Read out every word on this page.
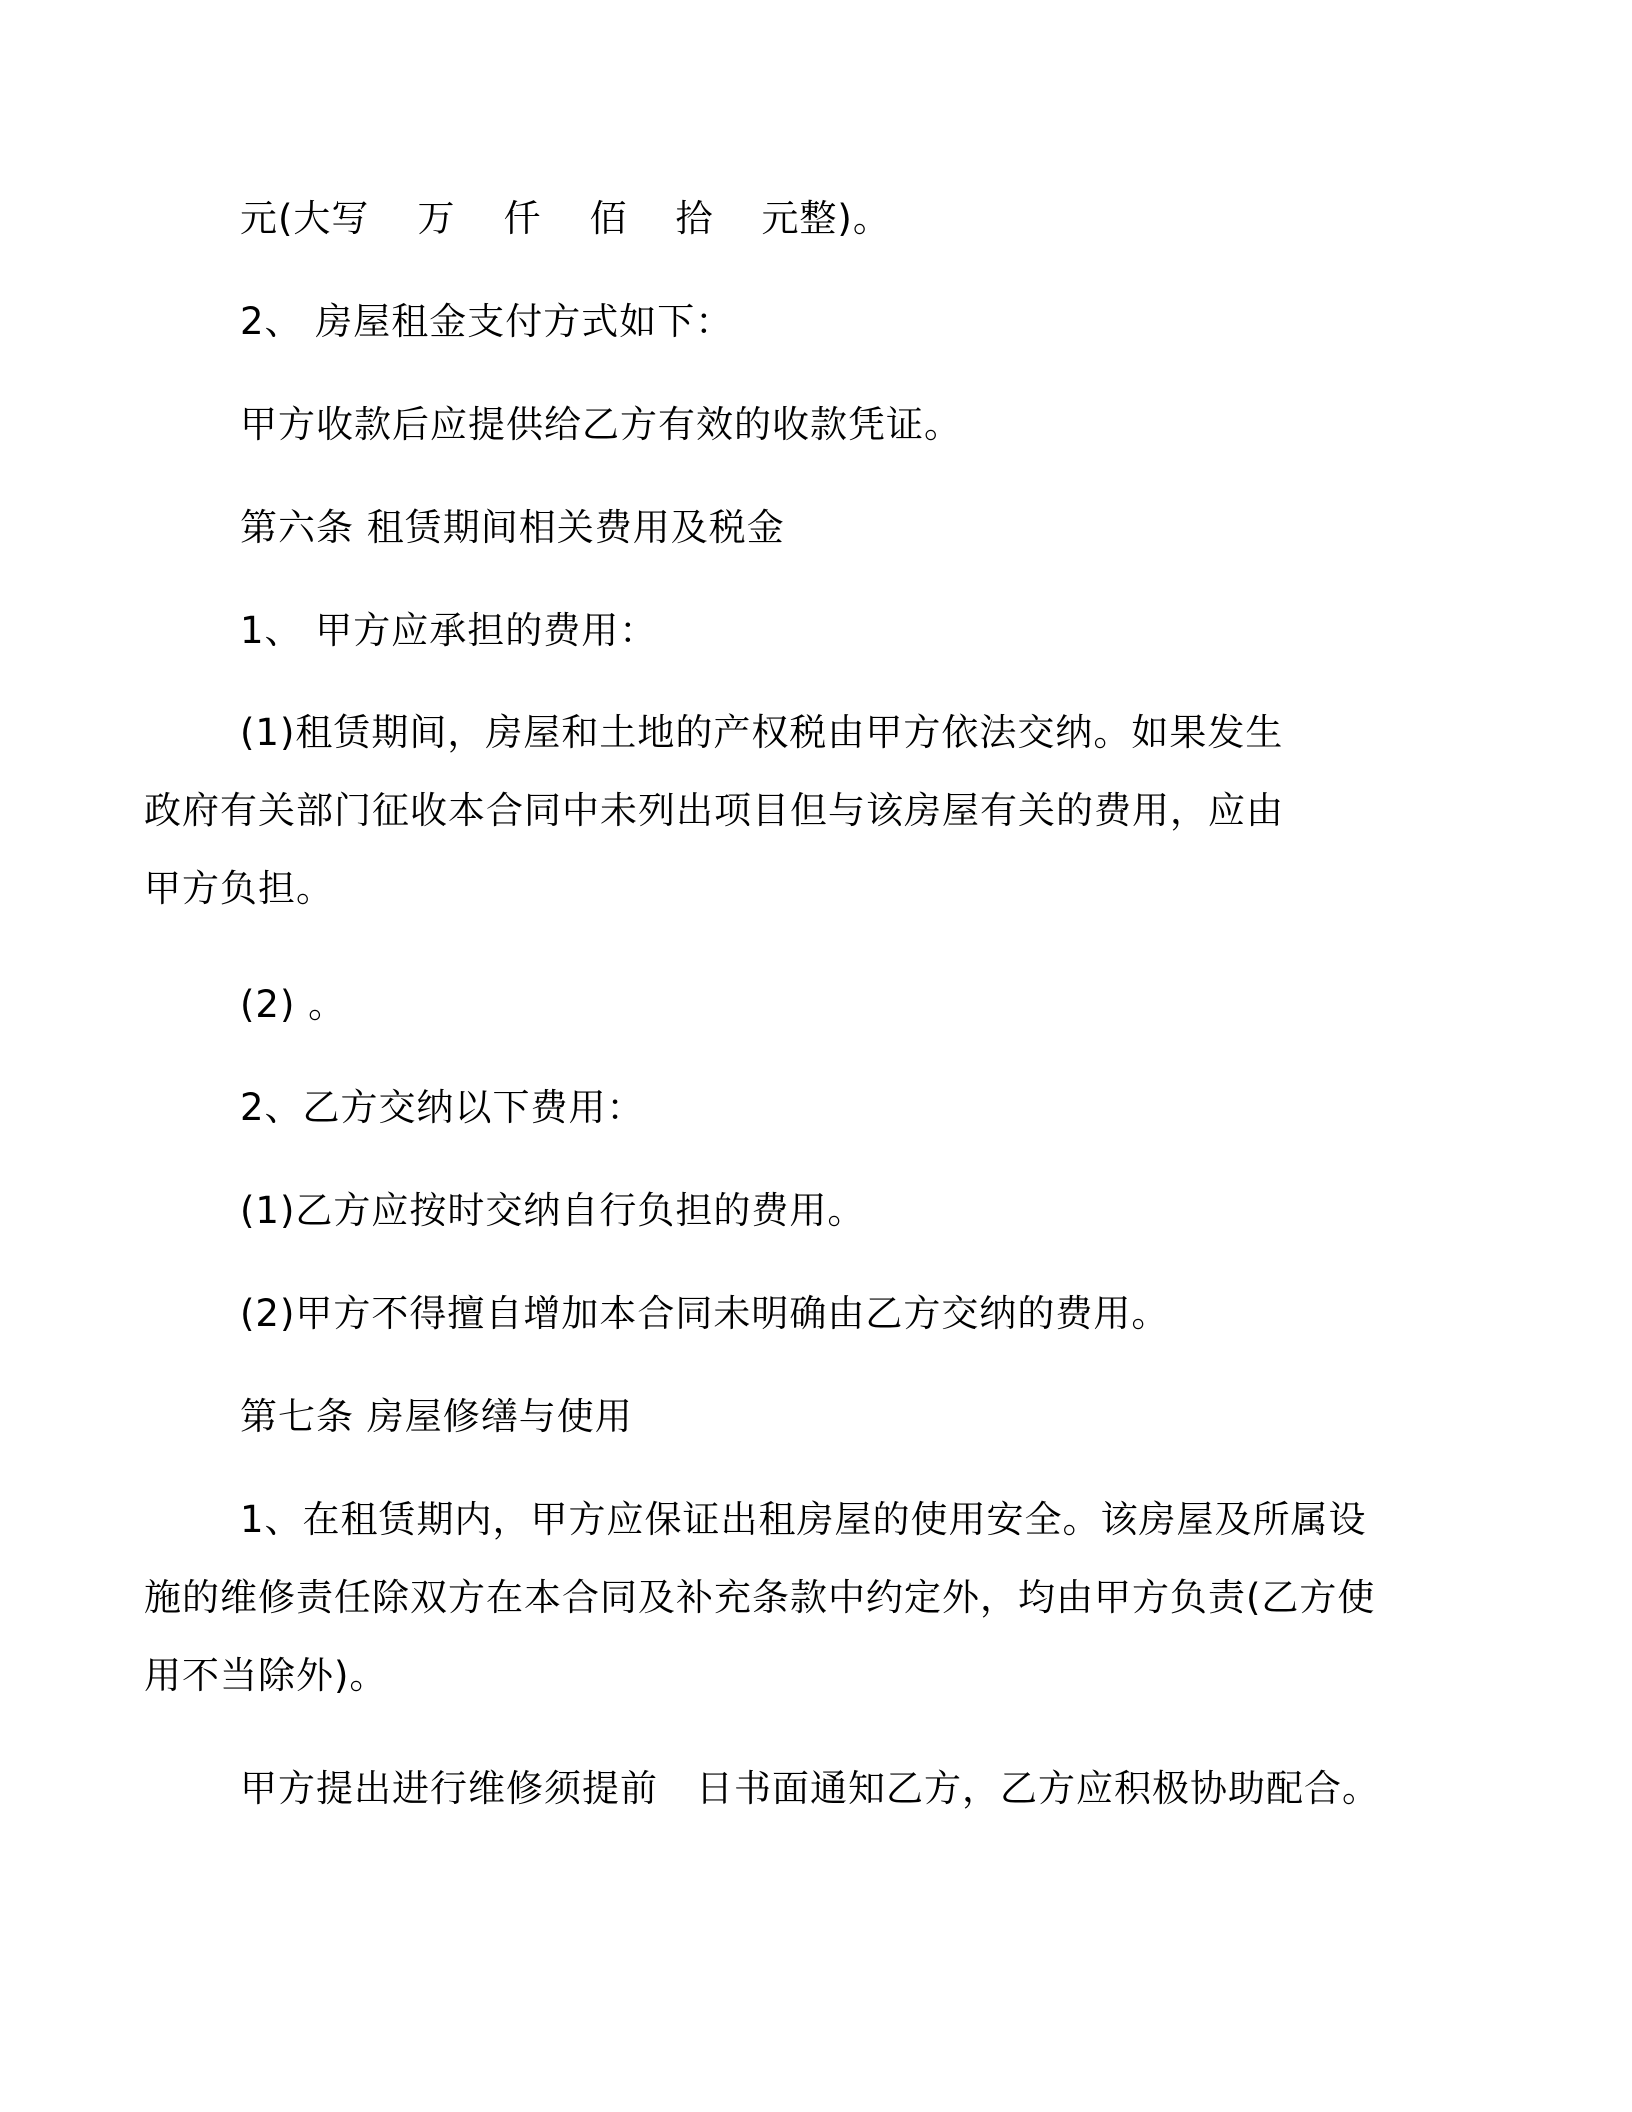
元(大写 万 仟 佰 拾 元整)。

2、 房屋租金支付方式如下：

甲方收款后应提供给乙方有效的收款凭证。

第六条 租赁期间相关费用及税金

1、 甲方应承担的费用：

(1)租赁期间，房屋和土地的产权税由甲方依法交纳。如果发生政府有关部门征收本合同中未列出项目但与该房屋有关的费用，应由甲方负担。

(2) 。

2、乙方交纳以下费用：

(1)乙方应按时交纳自行负担的费用。

(2)甲方不得擅自增加本合同未明确由乙方交纳的费用。

第七条 房屋修缮与使用

1、在租赁期内，甲方应保证出租房屋的使用安全。该房屋及所属设施的维修责任除双方在本合同及补充条款中约定外，均由甲方负责(乙方使用不当除外)。

甲方提出进行维修须提前 日书面通知乙方，乙方应积极协助配合。
